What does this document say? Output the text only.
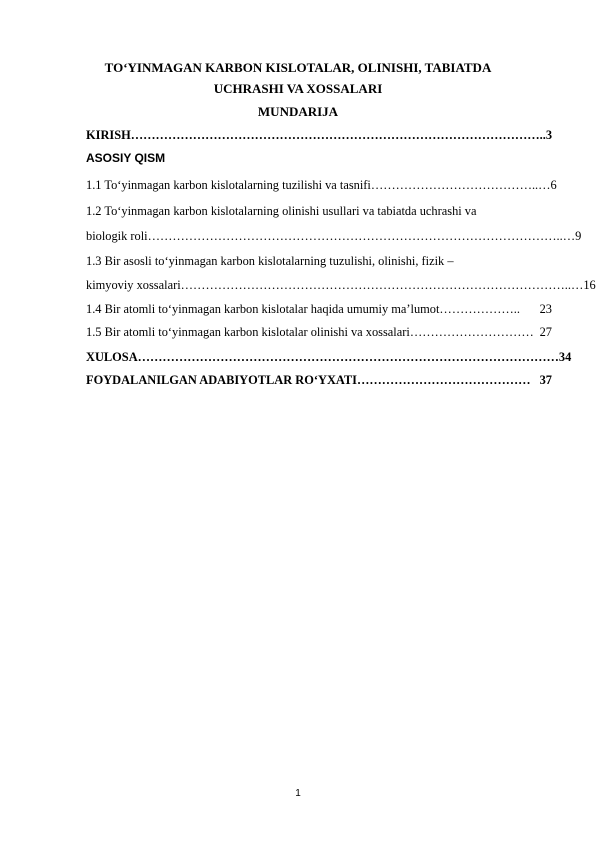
TO‘YINMAGAN KARBON KISLOTALAR, OLINISHI, TABIATDA
UCHRASHI VA XOSSALARI
MUNDARIJA
KIRISH ……………………………………………………………………………………….. 3
ASOSIY QISM
1.1 To‘yinmagan karbon kislotalarning tuzilishi va tasnifi …………………………………..… 6
1.2 To‘yinmagan karbon kislotalarning olinishi usullari va tabiatda uchrashi va
biologik roli ………………………………………………………………………………………..… 9
1.3 Bir asosli to‘yinmagan karbon kislotalarning tuzulishi, olinishi, fizik –
kimyoviy xossalari …………………………………………………………………………………..… 16
1.4 Bir atomli to‘yinmagan karbon kislotalar haqida umumiy ma’lumot ………………..	23
1.5 Bir atomli to‘yinmagan karbon kislotalar olinishi va xossalari ………………………… 27
XULOSA ………………………………………………………………………………………… 34
FOYDALANILGAN ADABIYOTLAR RO‘YXATI …………………………………… 37
1
